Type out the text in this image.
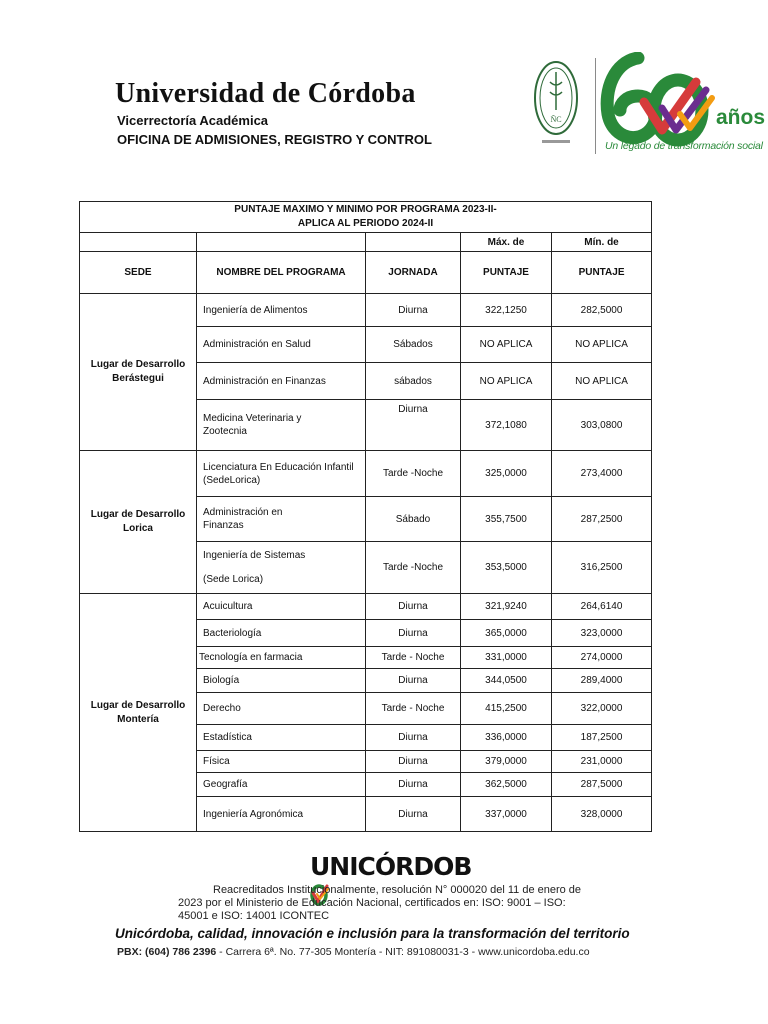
Universidad de Córdoba
Vicerrectoría Académica
OFICINA DE ADMISIONES, REGISTRO Y CONTROL
ÑC	años
Un legado de transformación social
PUNTAJE MAXIMO Y MINIMO POR PROGRAMA 2023-II-
APLICA AL PERIODO 2024-II				

			Máx. de	Mín. de
SEDE	NOMBRE DEL PROGRAMA	JORNADA	PUNTAJE	PUNTAJE
Lugar de Desarrollo Berástegui	Ingeniería de Alimentos	Diurna	322,1250	282,5000
	Administración en Salud	Sábados	NO APLICA	NO APLICA
	Administración en Finanzas	sábados	NO APLICA	NO APLICA
	Medicina Veterinaria y Zootecnia	Diurna	372,1080	303,0800
Lugar de Desarrollo Lorica	Licenciatura En Educación Infantil (SedeLorica)	Tarde -Noche	325,0000	273,4000
	Administración en Finanzas	Sábado	355,7500	287,2500
	Ingeniería de Sistemas (Sede Lorica)	Tarde -Noche	353,5000	316,2500
Lugar de Desarrollo Montería	Acuicultura	Diurna	321,9240	264,6140
	Bacteriología	Diurna	365,0000	323,0000
	Tecnología en farmacia	Tarde - Noche	331,0000	274,0000
	Biología	Diurna	344,0500	289,4000
	Derecho	Tarde - Noche	415,2500	322,0000
	Estadística	Diurna	336,0000	187,2500
	Física	Diurna	379,0000	231,0000
	Geografía	Diurna	362,5000	287,5000
	Ingeniería Agronómica	Diurna	337,0000	328,0000
UNICÓRDOB
Reacreditados Institucionalmente, resolución N° 000020 del 11 de enero de
2023 por el Ministerio de Educación Nacional, certificados en: ISO: 9001 – ISO:
45001 e ISO: 14001 ICONTEC
Unicórdoba, calidad, innovación e inclusión para la transformación del territorio
PBX: (604) 786 2396 - Carrera 6ª. No. 77-305 Montería - NIT: 891080031-3 - www.unicordoba.edu.co
